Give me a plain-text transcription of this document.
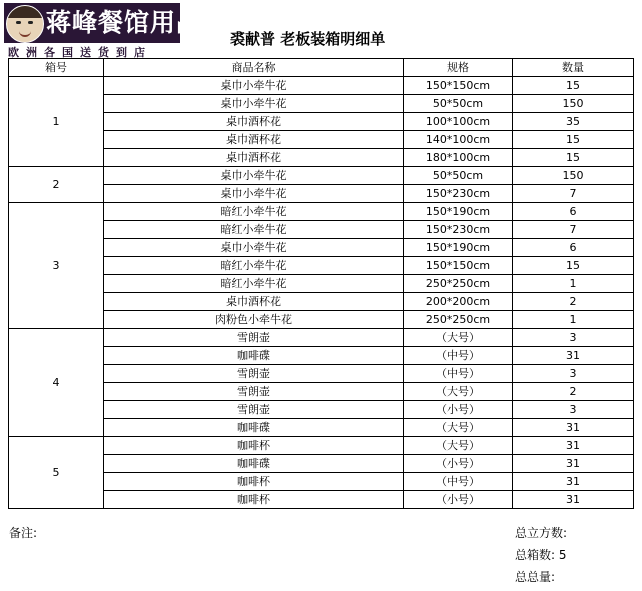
蒋峰餐馆用品
欧洲各国送货到店
裘献普 老板装箱明细单
箱号	商品名称	规格	数量
1	桌巾小牵牛花	150*150cm	15
	桌巾小牵牛花	50*50cm	150
	桌巾酒杯花	100*100cm	35
	桌巾酒杯花	140*100cm	15
	桌巾酒杯花	180*100cm	15
2	桌巾小牵牛花	50*50cm	150
	桌巾小牵牛花	150*230cm	7
3	暗红小牵牛花	150*190cm	6
	暗红小牵牛花	150*230cm	7
	桌巾小牵牛花	150*190cm	6
	暗红小牵牛花	150*150cm	15
	暗红小牵牛花	250*250cm	1
	桌巾酒杯花	200*200cm	2
	肉粉色小牵牛花	250*250cm	1
4	雪朗壶	（大号）	3
	咖啡碟	（中号）	31
	雪朗壶	（中号）	3
	雪朗壶	（大号）	2
	雪朗壶	（小号）	3
	咖啡碟	（大号）	31
5	咖啡杯	（大号）	31
	咖啡碟	（小号）	31
	咖啡杯	（中号）	31
	咖啡杯	（小号）	31
备注:	总立方数:
总箱数: 5
总总量:
